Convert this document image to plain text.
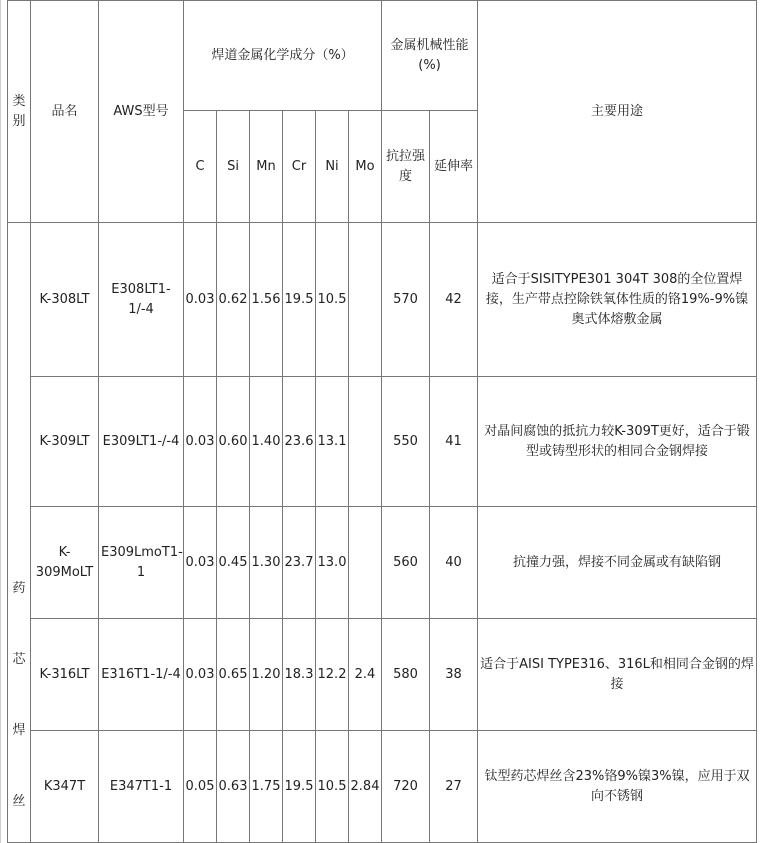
类别	品名	AWS型号	焊道金属化学成分（%）						金属机械性能(%)		主要用途
			C	Si	Mn	Cr	Ni	Mo	抗拉强度	延伸率	
药芯焊丝	K-308LT	E308LT1-1/-4	0.03	0.62	1.56	19.5	10.5		570	42	适合于SISITYPE301 304T 308的全位置焊接，生产带点控除铁氧体性质的铬19%-9%镍奥式体熔敷金属
	K-309LT	E309LT1-/-4	0.03	0.60	1.40	23.6	13.1		550	41	对晶间腐蚀的抵抗力较K-309T更好，适合于锻型或铸型形状的相同合金钢焊接
	K-309MoLT	E309LmoT1-1	0.03	0.45	1.30	23.7	13.0		560	40	抗撞力强，焊接不同金属或有缺陷钢
	K-316LT	E316T1-1/-4	0.03	0.65	1.20	18.3	12.2	2.4	580	38	适合于AISI TYPE316、316L和相同合金钢的焊接
	K347T	E347T1-1	0.05	0.63	1.75	19.5	10.5	2.84	720	27	钛型药芯焊丝含23%铬9%镍3%镍，应用于双向不锈钢
